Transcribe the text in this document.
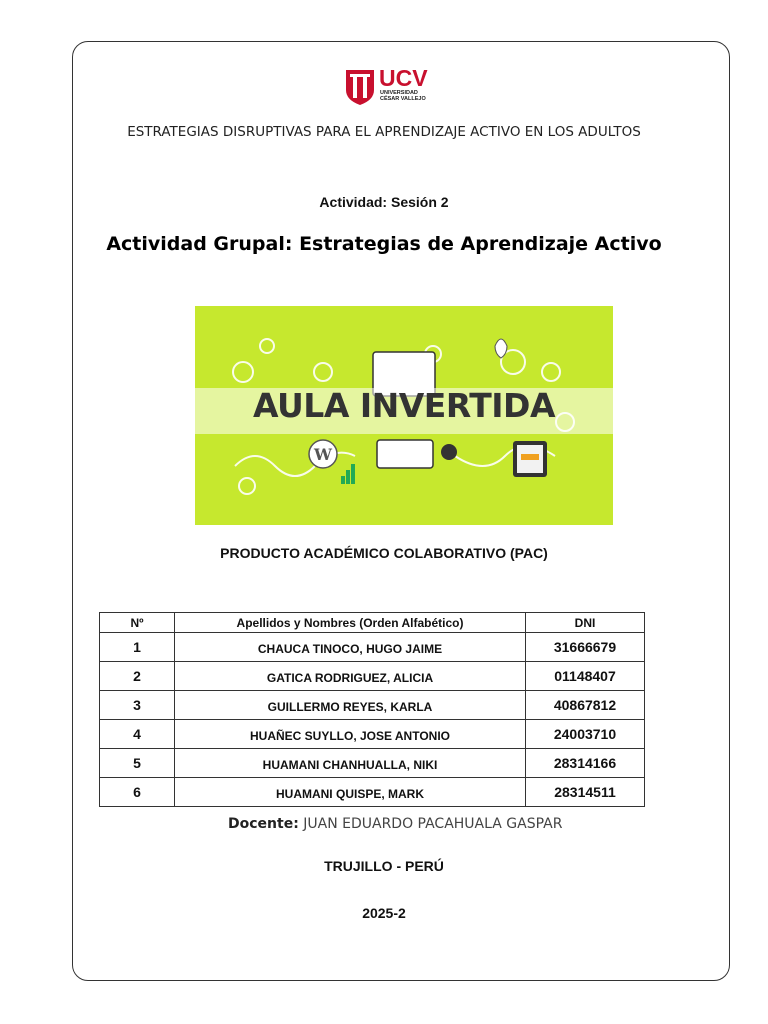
UCV
UNIVERSIDAD
CÉSAR VALLEJO
ESTRATEGIAS DISRUPTIVAS PARA EL APRENDIZAJE ACTIVO EN LOS ADULTOS
Actividad: Sesión 2
Actividad Grupal: Estrategias de Aprendizaje Activo
W
AULA INVERTIDA
PRODUCTO ACADÉMICO COLABORATIVO (PAC)
Nº	Apellidos y Nombres (Orden Alfabético)	DNI
1	CHAUCA TINOCO, HUGO JAIME	31666679
2	GATICA RODRIGUEZ, ALICIA	01148407
3	GUILLERMO REYES, KARLA	40867812
4	HUAÑEC SUYLLO, JOSE ANTONIO	24003710
5	HUAMANI CHANHUALLA, NIKI	28314166
6	HUAMANI QUISPE, MARK	28314511
Docente: JUAN EDUARDO PACAHUALA GASPAR
TRUJILLO - PERÚ
2025-2
